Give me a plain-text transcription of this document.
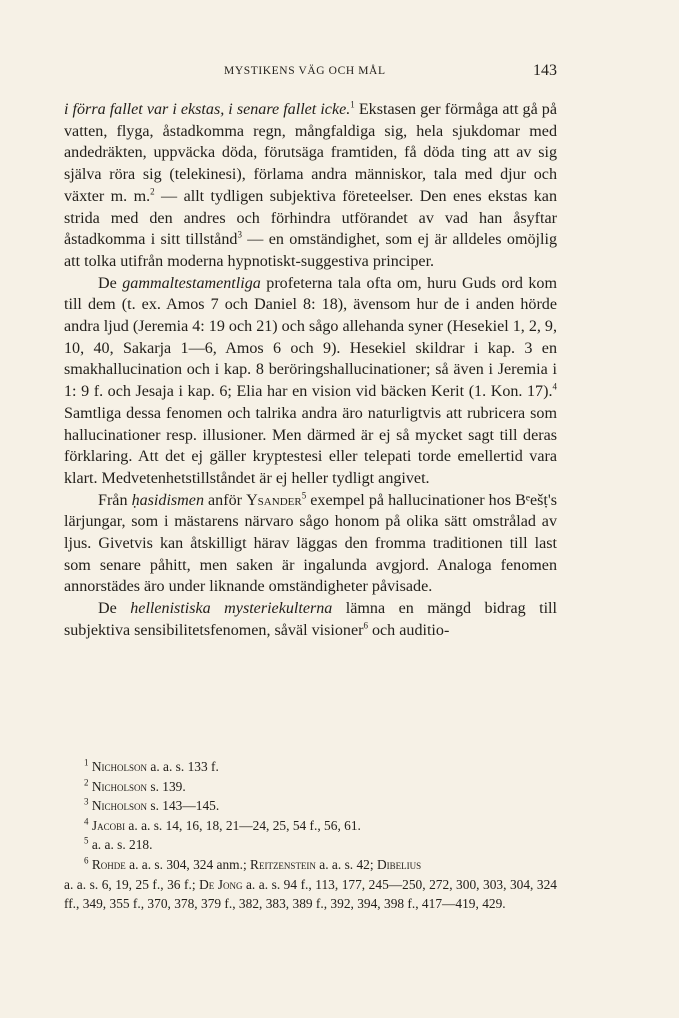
MYSTIKENS VÄG OCH MÅL	143

i förra fallet var i ekstas, i senare fallet icke.$^1$ Ekstasen ger förmåga att gå på vatten, flyga, åstadkomma regn, mångfaldiga sig, hela sjukdomar med andedräkten, uppväcka döda, förutsäga framtiden, få döda ting att av sig själva röra sig (telekinesi), förlama andra människor, tala med djur och växter m. m.$^2$ — allt tydligen subjektiva företeelser. Den enes ekstas kan strida med den andres och förhindra utförandet av vad han åsyftar åstadkomma i sitt tillstånd$^3$ — en omständighet, som ej är alldeles omöjlig att tolka utifrån moderna hypnotiskt-suggestiva principer.

De gammaltestamentliga profeterna tala ofta om, huru Guds ord kom till dem (t. ex. Amos 7 och Daniel 8: 18), ävensom hur de i anden hörde andra ljud (Jeremia 4: 19 och 21) och sågo allehanda syner (Hesekiel 1, 2, 9, 10, 40, Sakarja 1—6, Amos 6 och 9). Hesekiel skildrar i kap. 3 en smakhallucination och i kap. 8 beröringshallucinationer; så även i Jeremia i 1: 9 f. och Jesaja i kap. 6; Elia har en vision vid bäcken Kerit (1. Kon. 17).$^4$ Samtliga dessa fenomen och talrika andra äro naturligtvis att rubricera som hallucinationer resp. illusioner. Men därmed är ej så mycket sagt till deras förklaring. Att det ej gäller kryptestesi eller telepati torde emellertid vara klart. Medvetenhetstillståndet är ej heller tydligt angivet.

Från ḥasidismen anför Ysander$^5$ exempel på hallucinationer hos Bᵉešṭ's lärjungar, som i mästarens närvaro sågo honom på olika sätt omstrålad av ljus. Givetvis kan åtskilligt härav läggas den fromma traditionen till last som senare påhitt, men saken är ingalunda avgjord. Analoga fenomen annorstädes äro under liknande omständigheter påvisade.

De hellenistiska mysteriekulterna lämna en mängd bidrag till subjektiva sensibilitetsfenomen, såväl visioner$^6$ och auditio-

$^1$ Nicholson a. a. s. 133 f.

$^2$ Nicholson s. 139.

$^3$ Nicholson s. 143—145.

$^4$ Jacobi a. a. s. 14, 16, 18, 21—24, 25, 54 f., 56, 61.

$^5$ a. a. s. 218.

$^6$ Rohde a. a. s. 304, 324 anm.; Reitzenstein a. a. s. 42; Dibelius

a. a. s. 6, 19, 25 f., 36 f.; De Jong a. a. s. 94 f., 113, 177, 245—250, 272, 300, 303, 304, 324 ff., 349, 355 f., 370, 378, 379 f., 382, 383, 389 f., 392, 394, 398 f., 417—419, 429.
